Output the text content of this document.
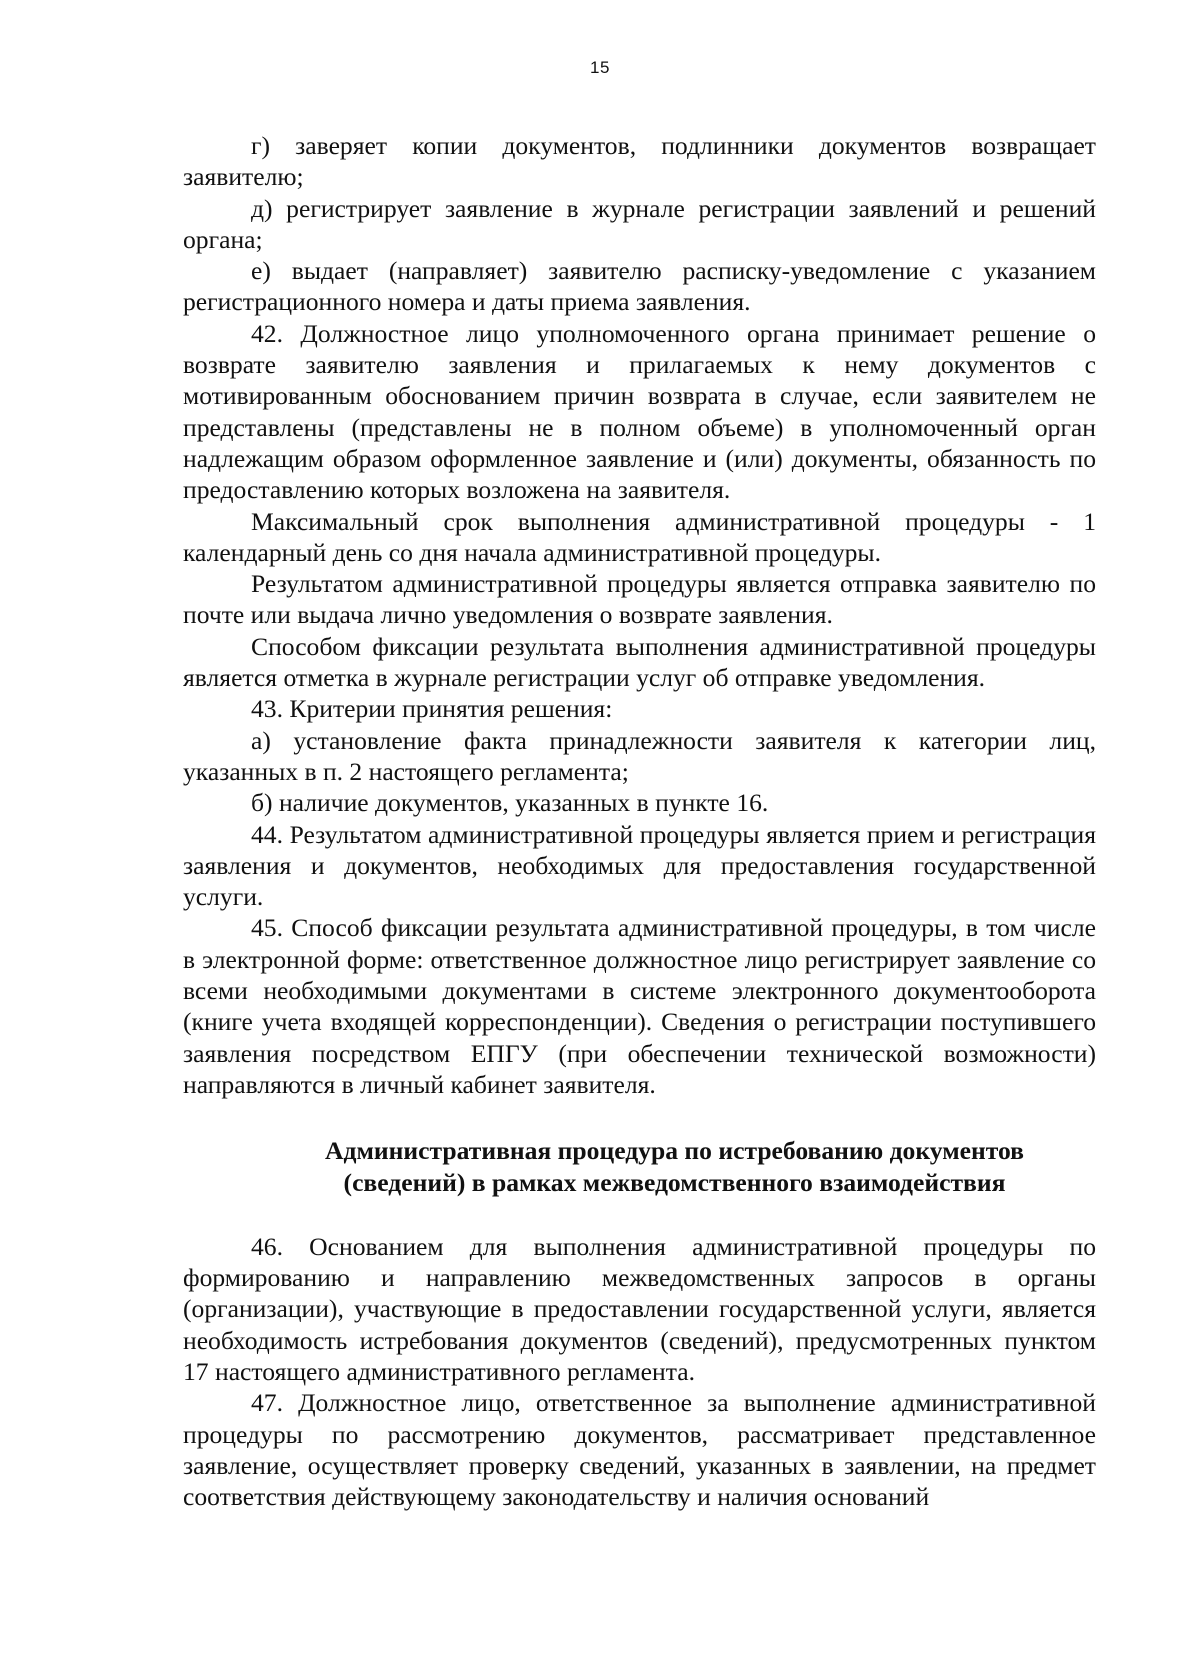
15

г) заверяет копии документов, подлинники документов возвращает заявителю;

д) регистрирует заявление в журнале регистрации заявлений и решений органа;

е) выдает (направляет) заявителю расписку-уведомление с указанием регистрационного номера и даты приема заявления.

42. Должностное лицо уполномоченного органа принимает решение о возврате заявителю заявления и прилагаемых к нему документов с мотивированным обоснованием причин возврата в случае, если заявителем не представлены (представлены не в полном объеме) в уполномоченный орган надлежащим образом оформленное заявление и (или) документы, обязанность по предоставлению которых возложена на заявителя.

Максимальный срок выполнения административной процедуры - 1 календарный день со дня начала административной процедуры.

Результатом административной процедуры является отправка заявителю по почте или выдача лично уведомления о возврате заявления.

Способом фиксации результата выполнения административной процедуры является отметка в журнале регистрации услуг об отправке уведомления.

43. Критерии принятия решения:

а) установление факта принадлежности заявителя к категории лиц, указанных в п. 2 настоящего регламента;

б) наличие документов, указанных в пункте 16.

44. Результатом административной процедуры является прием и регистрация заявления и документов, необходимых для предоставления государственной услуги.

45. Способ фиксации результата административной процедуры, в том числе в электронной форме: ответственное должностное лицо регистрирует заявление со всеми необходимыми документами в системе электронного документооборота (книге учета входящей корреспонденции). Сведения о регистрации поступившего заявления посредством ЕПГУ (при обеспечении технической возможности) направляются в личный кабинет заявителя.

Административная процедура по истребованию документов (сведений) в рамках межведомственного взаимодействия

46. Основанием для выполнения административной процедуры по формированию и направлению межведомственных запросов в органы (организации), участвующие в предоставлении государственной услуги, является необходимость истребования документов (сведений), предусмотренных пунктом 17 настоящего административного регламента.

47. Должностное лицо, ответственное за выполнение административной процедуры по рассмотрению документов, рассматривает представленное заявление, осуществляет проверку сведений, указанных в заявлении, на предмет соответствия действующему законодательству и наличия оснований
